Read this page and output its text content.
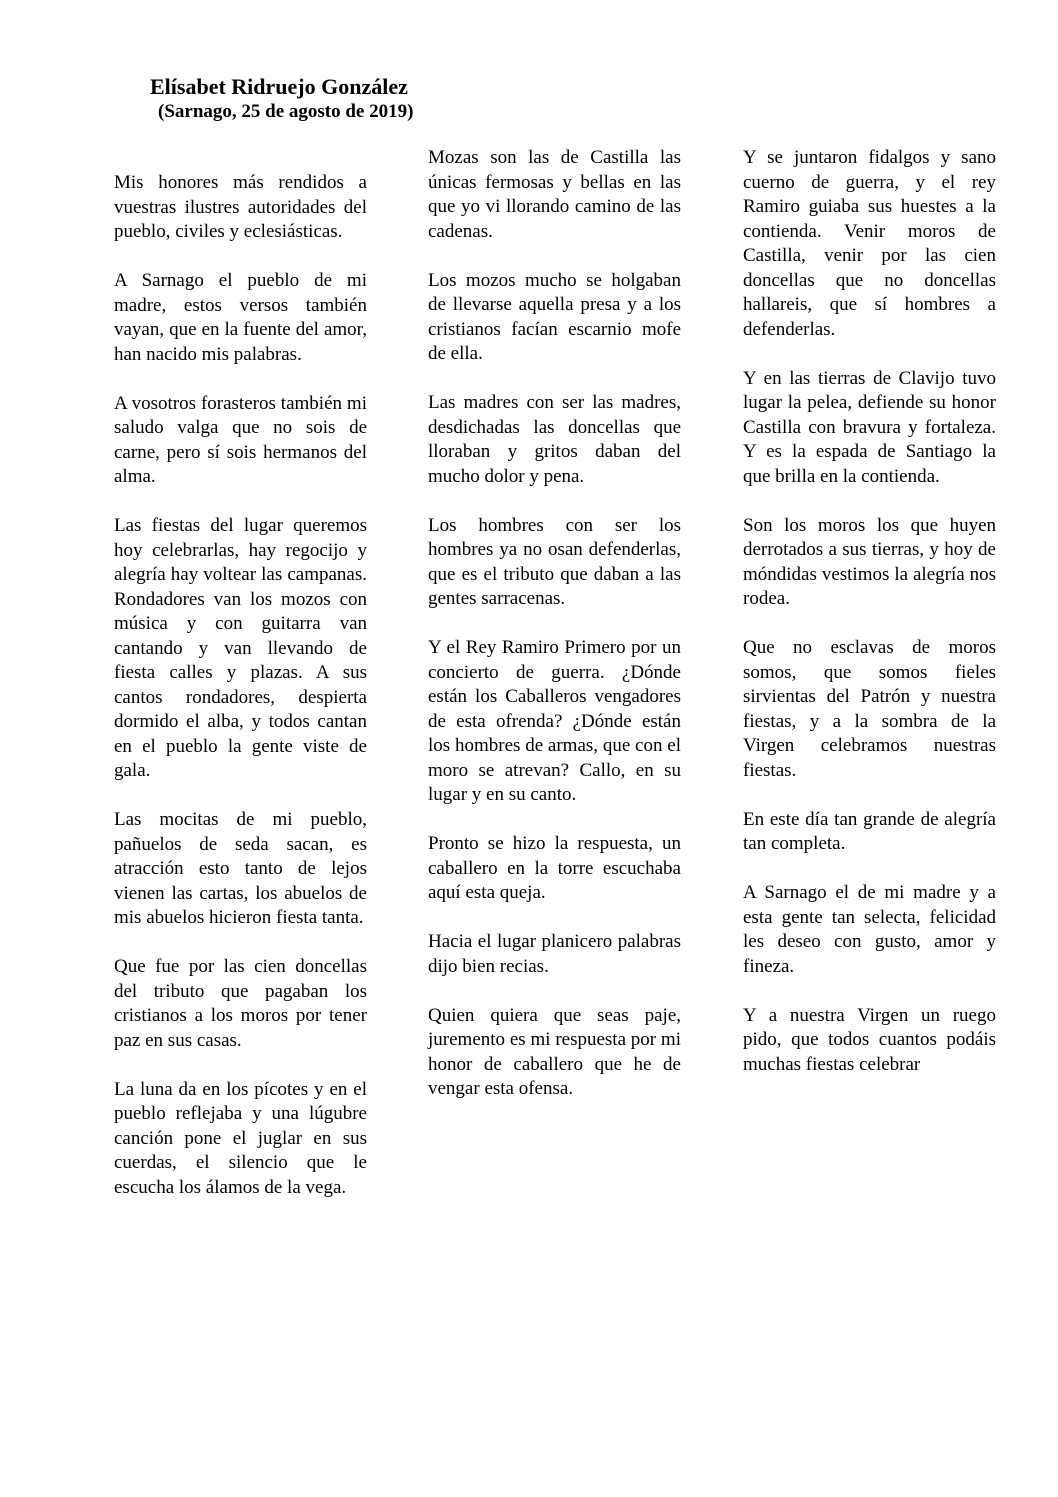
Elísabet Ridruejo González

(Sarnago, 25 de agosto de 2019)

Mis honores más rendidos a vuestras ilustres autoridades del pueblo, civiles y eclesiásticas.

A Sarnago el pueblo de mi madre, estos versos también vayan, que en la fuente del amor, han nacido mis palabras.

A vosotros forasteros también mi saludo valga que no sois de carne, pero sí sois hermanos del alma.

Las fiestas del lugar queremos hoy celebrarlas, hay regocijo y alegría hay voltear las campanas. Rondadores van los mozos con música y con guitarra van cantando y van llevando de fiesta calles y plazas. A sus cantos rondadores, despierta dormido el alba, y todos cantan en el pueblo la gente viste de gala.

Las mocitas de mi pueblo, pañuelos de seda sacan, es atracción esto tanto de lejos vienen las cartas, los abuelos de mis abuelos hicieron fiesta tanta.

Que fue por las cien doncellas del tributo que pagaban los cristianos a los moros por tener paz en sus casas.

La luna da en los pícotes y en el pueblo reflejaba y una lúgubre canción pone el juglar en sus cuerdas, el silencio que le escucha los álamos de la vega.

Mozas son las de Castilla las únicas fermosas y bellas en las que yo vi llorando camino de las cadenas.

Los mozos mucho se holgaban de llevarse aquella presa y a los cristianos facían escarnio mofe de ella.

Las madres con ser las madres, desdichadas las doncellas que lloraban y gritos daban del mucho dolor y pena.

Los hombres con ser los hombres ya no osan defenderlas, que es el tributo que daban a las gentes sarracenas.

Y el Rey Ramiro Primero por un concierto de guerra. ¿Dónde están los Caballeros vengadores de esta ofrenda? ¿Dónde están los hombres de armas, que con el moro se atrevan? Callo, en su lugar y en su canto.

Pronto se hizo la respuesta, un caballero en la torre escuchaba aquí esta queja.

Hacia el lugar planicero palabras dijo bien recias.

Quien quiera que seas paje, juremento es mi respuesta por mi honor de caballero que he de vengar esta ofensa.

Y se juntaron fidalgos y sano cuerno de guerra, y el rey Ramiro guiaba sus huestes a la contienda. Venir moros de Castilla, venir por las cien doncellas que no doncellas hallareis, que sí hombres a defenderlas.

Y en las tierras de Clavijo tuvo lugar la pelea, defiende su honor Castilla con bravura y fortaleza. Y es la espada de Santiago la que brilla en la contienda.

Son los moros los que huyen derrotados a sus tierras, y hoy de móndidas vestimos la alegría nos rodea.

Que no esclavas de moros somos, que somos fieles sirvientas del Patrón y nuestra fiestas, y a la sombra de la Virgen celebramos nuestras fiestas.

En este día tan grande de alegría tan completa.

A Sarnago el de mi madre y a esta gente tan selecta, felicidad les deseo con gusto, amor y fineza.

Y a nuestra Virgen un ruego pido, que todos cuantos podáis muchas fiestas celebrar
